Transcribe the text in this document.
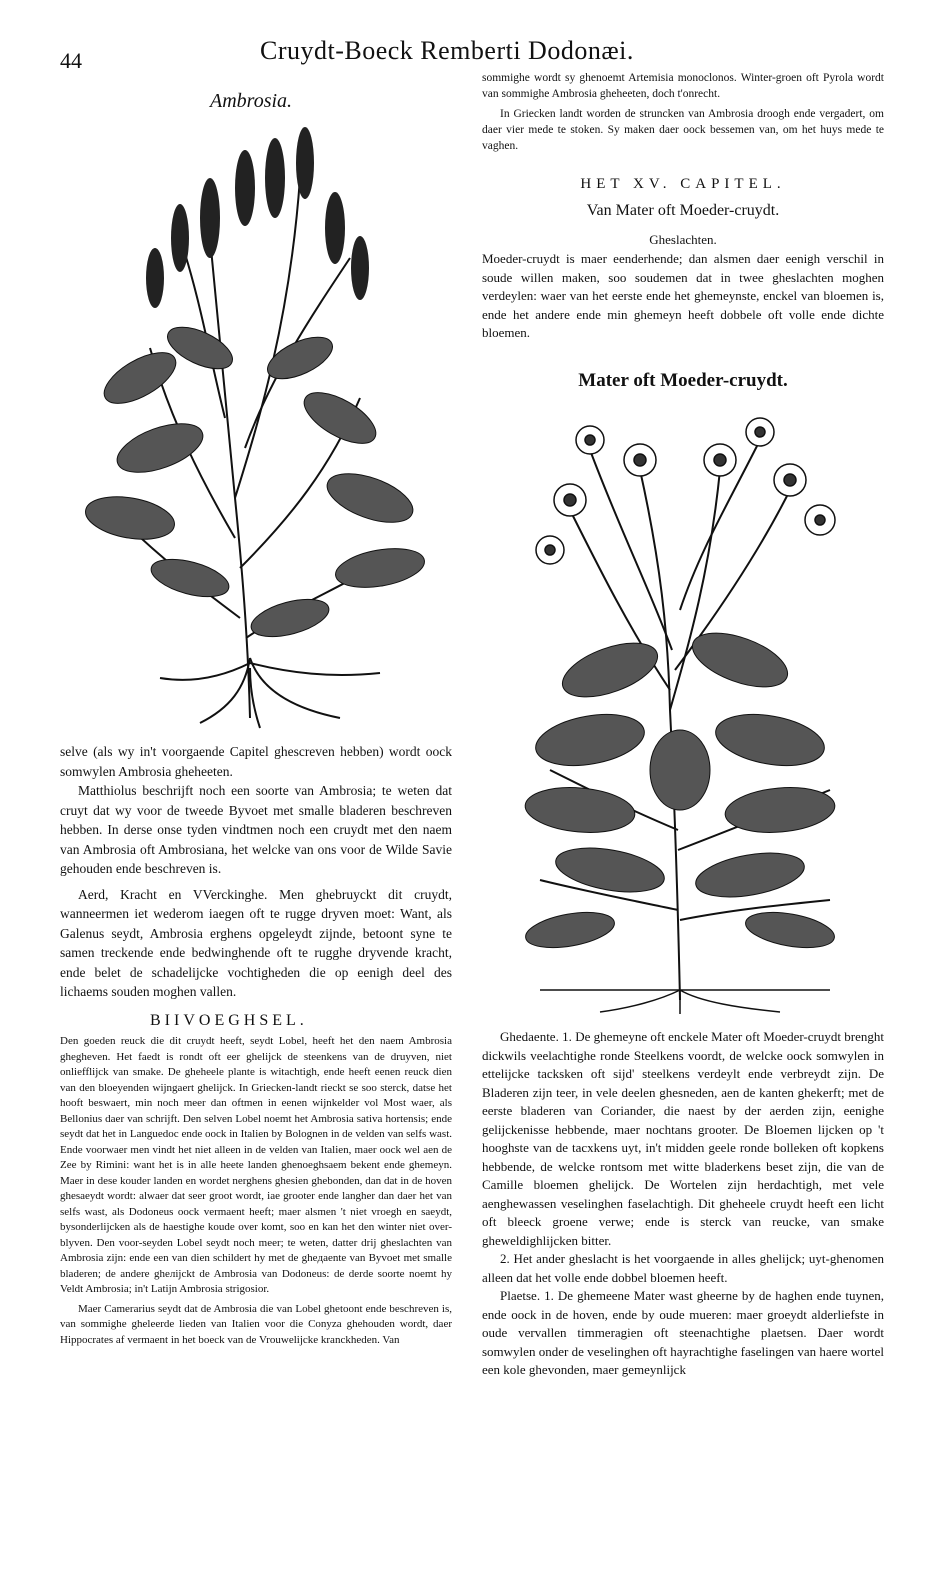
44	Cruydt-Boeck Remberti Dodonæi.
Ambrosia.

selve (als wy in't voorgaende Capitel ghescreven hebben) wordt oock somwylen Ambrosia gheheeten.

Matthiolus beschrijft noch een soorte van Ambrosia; te weten dat cruyt dat wy voor de tweede Byvoet met smalle bladeren beschreven hebben. In derse onse tyden vindtmen noch een cruydt met den naem van Ambrosia oft Ambrosiana, het welcke van ons voor de Wilde Savie gehouden ende beschreven is.

Aerd, Kracht en VVerckinghe. Men ghebruyckt dit cruydt, wanneermen iet wederom iaegen oft te rugge dryven moet: Want, als Galenus seydt, Ambrosia erghens opgeleydt zijnde, betoont syne te samen treckende ende bedwinghende oft te rugghe dryvende kracht, ende belet de schadelijcke vochtigheden die op eenigh deel des lichaems souden moghen vallen.

BIIVOEGHSEL.

Den goeden reuck die dit cruydt heeft, seydt Lobel, heeft het den naem Ambrosia ghegheven. Het faedt is rondt oft eer ghelijck de steenkens van de druyven, niet onliefflijck van smake. De gheheele plante is witachtigh, ende heeft eenen reuck dien van den bloeyenden wijngaert ghelijck. In Griecken-landt rieckt se soo sterck, datse het hooft beswaert, min noch meer dan oftmen in eenen wijnkelder vol Most waer, als Bellonius daer van schrijft. Den selven Lobel noemt het Ambrosia sativa hortensis; ende seydt dat het in Languedoc ende oock in Italien by Bolognen in de velden van selfs wast. Ende voorwaer men vindt het niet alleen in de velden van Italien, maer oock wel aen de Zee by Rimini: want het is in alle heete landen ghenoeghsaem bekent ende ghemeyn. Maer in dese kouder landen en wordet nerghens ghesien ghebonden, dan dat in de hoven ghesaeydt wordt: alwaer dat seer groot wordt, iae grooter ende langher dan daer het van selfs wast, als Dodoneus oock vermaent heeft; maer alsmen 't niet vroegh en saeydt, bysonderlijcken als de haestighe koude over komt, soo en kan het den winter niet over-blyven. Den voor-seyden Lobel seydt noch meer; te weten, datter drij gheslachten van Ambrosia zijn: ende een van dien schildert hy met de gheдaente van Byvoet met smalle bladeren; de andere gheлijckt de Ambrosia van Dodoneus: de derde soorte noemt hy Veldt Ambrosia; in't Latijn Ambrosia strigosior.

Maer Camerarius seydt dat de Ambrosia die van Lobel ghetoont ende beschreven is, van sommighe gheleerde lieden van Italien voor die Conyza ghehouden wordt, daer Hippocrates af vermaent in het boeck van de Vrouwelijcke kranckheden. Van

sommighe wordt sy ghenoemt Artemisia monoclonos. Winter-groen oft Pyrola wordt van sommighe Ambrosia gheheeten, doch t'onrecht.

In Griecken landt worden de struncken van Ambrosia droogh ende vergadert, om daer vier mede te stoken. Sy maken daer oock bessemen van, om het huys mede te vaghen.

HET XV. CAPITEL.
Van Mater oft Moeder-cruydt.
Gheslachten.

Moeder-cruydt is maer eenderhende; dan alsmen daer eenigh verschil in soude willen maken, soo soudemen dat in twee gheslachten moghen verdeylen: waer van het eerste ende het ghemeynste, enckel van bloemen is, ende het andere ende min ghemeyn heeft dobbele oft volle ende dichte bloemen.

Mater oft Moeder-cruydt.

Ghedaente. 1. De ghemeyne oft enckele Mater oft Moeder-cruydt brenght dickwils veelachtighe ronde Steelkens voordt, de welcke oock somwylen in ettelijcke tacksken oft sijd' steelkens verdeylt ende verbreydt zijn. De Bladeren zijn teer, in vele deelen ghesneden, aen de kanten ghekerft; met de eerste bladeren van Coriander, die naest by der aerden zijn, eenighe gelijckenisse hebbende, maer nochtans grooter. De Bloemen lijcken op 't hooghste van de tacxkens uyt, in't midden geele ronde bolleken oft kopkens hebbende, de welcke rontsom met witte bladerkens beset zijn, die van de Camille bloemen ghelijck. De Wortelen zijn herdachtigh, met vele aenghewassen veselinghen faselachtigh. Dit gheheele cruydt heeft een licht oft bleeck groene verwe; ende is sterck van reucke, van smake gheweldighlijcken bitter.

2. Het ander gheslacht is het voorgaende in alles ghelijck; uyt-ghenomen alleen dat het volle ende dobbel bloemen heeft.

Plaetse. 1. De ghemeene Mater wast gheerne by de haghen ende tuynen, ende oock in de hoven, ende by oude mueren: maer groeydt alderliefste in oude vervallen timmeragien oft steenachtighe plaetsen. Daer wordt somwylen onder de veselinghen oft hayrachtighe faselingen van haere wortel een kole ghevonden, maer gemeynlijck
